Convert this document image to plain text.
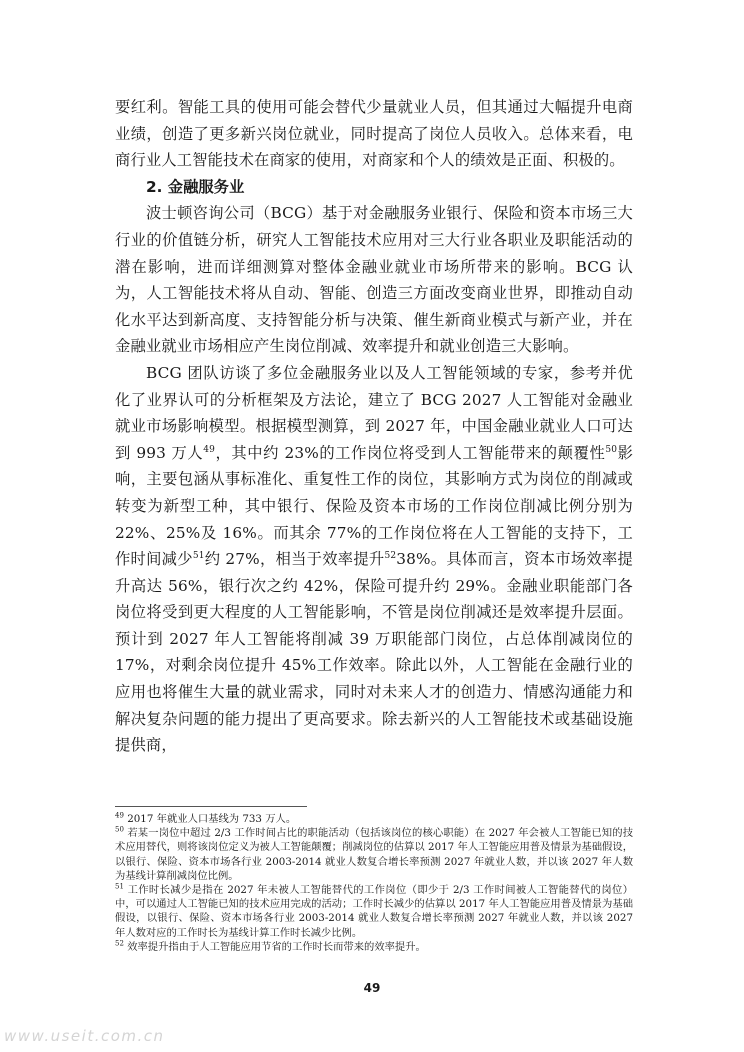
要红利。智能工具的使用可能会替代少量就业人员，但其通过大幅提升电商业绩，创造了更多新兴岗位就业，同时提高了岗位人员收入。总体来看，电商行业人工智能技术在商家的使用，对商家和个人的绩效是正面、积极的。

2. 金融服务业

波士顿咨询公司（BCG）基于对金融服务业银行、保险和资本市场三大行业的价值链分析，研究人工智能技术应用对三大行业各职业及职能活动的潜在影响，进而详细测算对整体金融业就业市场所带来的影响。BCG 认为，人工智能技术将从自动、智能、创造三方面改变商业世界，即推动自动化水平达到新高度、支持智能分析与决策、催生新商业模式与新产业，并在金融业就业市场相应产生岗位削减、效率提升和就业创造三大影响。

BCG 团队访谈了多位金融服务业以及人工智能领域的专家，参考并优化了业界认可的分析框架及方法论，建立了 BCG 2027 人工智能对金融业就业市场影响模型。根据模型测算，到 2027 年，中国金融业就业人口可达到 993 万人$^{49}$，其中约 23%的工作岗位将受到人工智能带来的颠覆性$^{50}$影响，主要包涵从事标准化、重复性工作的岗位，其影响方式为岗位的削减或转变为新型工种，其中银行、保险及资本市场的工作岗位削减比例分别为 22%、25%及 16%。而其余 77%的工作岗位将在人工智能的支持下，工作时间减少$^{51}$约 27%，相当于效率提升$^{52}$38%。具体而言，资本市场效率提升高达 56%，银行次之约 42%，保险可提升约 29%。金融业职能部门各岗位将受到更大程度的人工智能影响，不管是岗位削减还是效率提升层面。预计到 2027 年人工智能将削减 39 万职能部门岗位，占总体削减岗位的 17%，对剩余岗位提升 45%工作效率。除此以外，人工智能在金融行业的应用也将催生大量的就业需求，同时对未来人才的创造力、情感沟通能力和解决复杂问题的能力提出了更高要求。除去新兴的人工智能技术或基础设施提供商，

$^{49}$ 2017 年就业人口基线为 733 万人。

$^{50}$ 若某一岗位中超过 2/3 工作时间占比的职能活动（包括该岗位的核心职能）在 2027 年会被人工智能已知的技术应用替代，则将该岗位定义为被人工智能颠覆；削减岗位的估算以 2017 年人工智能应用普及情景为基础假设，以银行、保险、资本市场各行业 2003-2014 就业人数复合增长率预测 2027 年就业人数，并以该 2027 年人数为基线计算削减岗位比例。

$^{51}$ 工作时长减少是指在 2027 年未被人工智能替代的工作岗位（即少于 2/3 工作时间被人工智能替代的岗位）中，可以通过人工智能已知的技术应用完成的活动；工作时长减少的估算以 2017 年人工智能应用普及情景为基础假设，以银行、保险、资本市场各行业 2003-2014 就业人数复合增长率预测 2027 年就业人数，并以该 2027 年人数对应的工作时长为基线计算工作时长减少比例。

$^{52}$ 效率提升指由于人工智能应用节省的工作时长而带来的效率提升。

49
www.useit.com.cn
